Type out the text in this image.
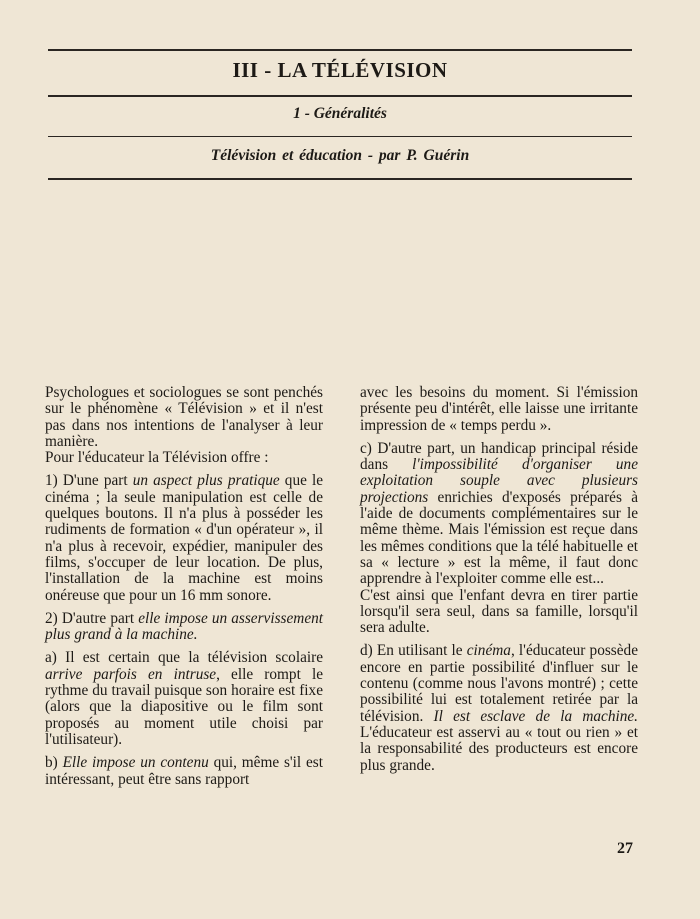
III - LA TÉLÉVISION
1 - Généralités
Télévision et éducation - par P. Guérin

Psychologues et sociologues se sont penchés sur le phénomène « Télévision » et il n'est pas dans nos intentions de l'analyser à leur manière.

Pour l'éducateur la Télévision offre :

1) D'une part un aspect plus pratique que le cinéma ; la seule manipulation est celle de quelques boutons. Il n'a plus à posséder les rudiments de formation « d'un opérateur », il n'a plus à recevoir, expédier, manipuler des films, s'occuper de leur location. De plus, l'installation de la machine est moins onéreuse que pour un 16 mm sonore.

2) D'autre part elle impose un asservissement plus grand à la machine.

a) Il est certain que la télévision scolaire arrive parfois en intruse, elle rompt le rythme du travail puisque son horaire est fixe (alors que la diapositive ou le film sont proposés au moment utile choisi par l'utilisateur).

b) Elle impose un contenu qui, même s'il est intéressant, peut être sans rapport

avec les besoins du moment. Si l'émission présente peu d'intérêt, elle laisse une irritante impression de « temps perdu ».

c) D'autre part, un handicap principal réside dans l'impossibilité d'organiser une exploitation souple avec plusieurs projections enrichies d'exposés préparés à l'aide de documents complémentaires sur le même thème. Mais l'émission est reçue dans les mêmes conditions que la télé habituelle et sa « lecture » est la même, il faut donc apprendre à l'exploiter comme elle est...

C'est ainsi que l'enfant devra en tirer partie lorsqu'il sera seul, dans sa famille, lorsqu'il sera adulte.

d) En utilisant le cinéma, l'éducateur possède encore en partie possibilité d'influer sur le contenu (comme nous l'avons montré) ; cette possibilité lui est totalement retirée par la télévision. Il est esclave de la machine. L'éducateur est asservi au « tout ou rien » et la responsabilité des producteurs est encore plus grande.

27
